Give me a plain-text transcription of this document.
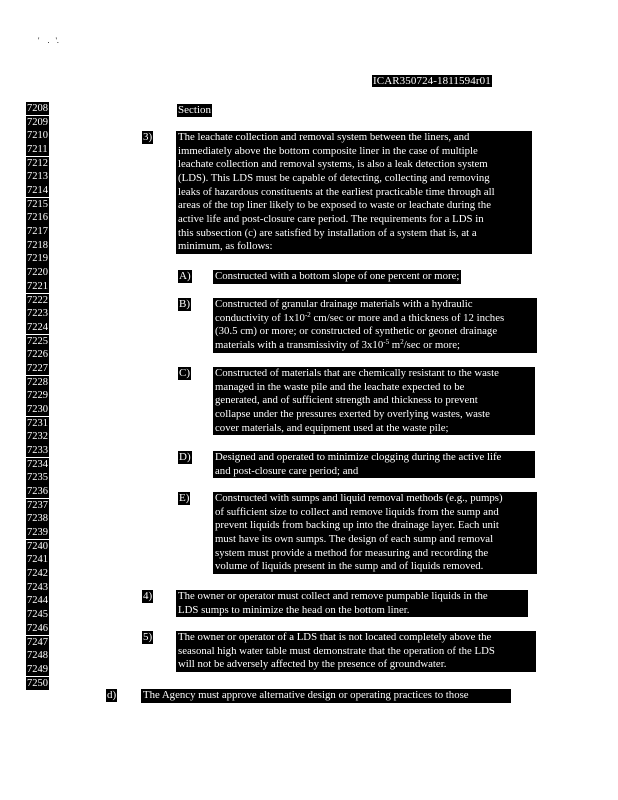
'    .   '.
ICAR350724-1811594r01
7208
7209
7210
7211
7212
7213
7214
7215
7216
7217
7218
7219
7220
7221
7222
7223
7224
7225
7226
7227
7228
7229
7230
7231
7232
7233
7234
7235
7236
7237
7238
7239
7240
7241
7242
7243
7244
7245
7246
7247
7248
7249
7250
Section
3) The leachate collection and removal system between the liners, and
immediately above the bottom composite liner in the case of multiple
leachate collection and removal systems, is also a leak detection system
(LDS). This LDS must be capable of detecting, collecting and removing
leaks of hazardous constituents at the earliest practicable time through all
areas of the top liner likely to be exposed to waste or leachate during the
active life and post-closure care period. The requirements for a LDS in
this subsection (c) are satisfied by installation of a system that is, at a
minimum, as follows:
A) Constructed with a bottom slope of one percent or more;
B) Constructed of granular drainage materials with a hydraulic
conductivity of $1x10^{-2}$ cm/sec or more and a thickness of 12 inches
(30.5 cm) or more; or constructed of synthetic or geonet drainage
materials with a transmissivity of $3x10^{-5}$ $m^2/\sec$ or more;
C) Constructed of materials that are chemically resistant to the waste
managed in the waste pile and the leachate expected to be
generated, and of sufficient strength and thickness to prevent
collapse under the pressures exerted by overlying wastes, waste
cover materials, and equipment used at the waste pile;
D) Designed and operated to minimize clogging during the active life
and post-closure care period; and
E) Constructed with sumps and liquid removal methods (e.g., pumps)
of sufficient size to collect and remove liquids from the sump and
prevent liquids from backing up into the drainage layer. Each unit
must have its own sumps. The design of each sump and removal
system must provide a method for measuring and recording the
volume of liquids present in the sump and of liquids removed.
4) The owner or operator must collect and remove pumpable liquids in the
LDS sumps to minimize the head on the bottom liner.
5) The owner or operator of a LDS that is not located completely above the
seasonal high water table must demonstrate that the operation of the LDS
will not be adversely affected by the presence of groundwater.
d) The Agency must approve alternative design or operating practices to those
